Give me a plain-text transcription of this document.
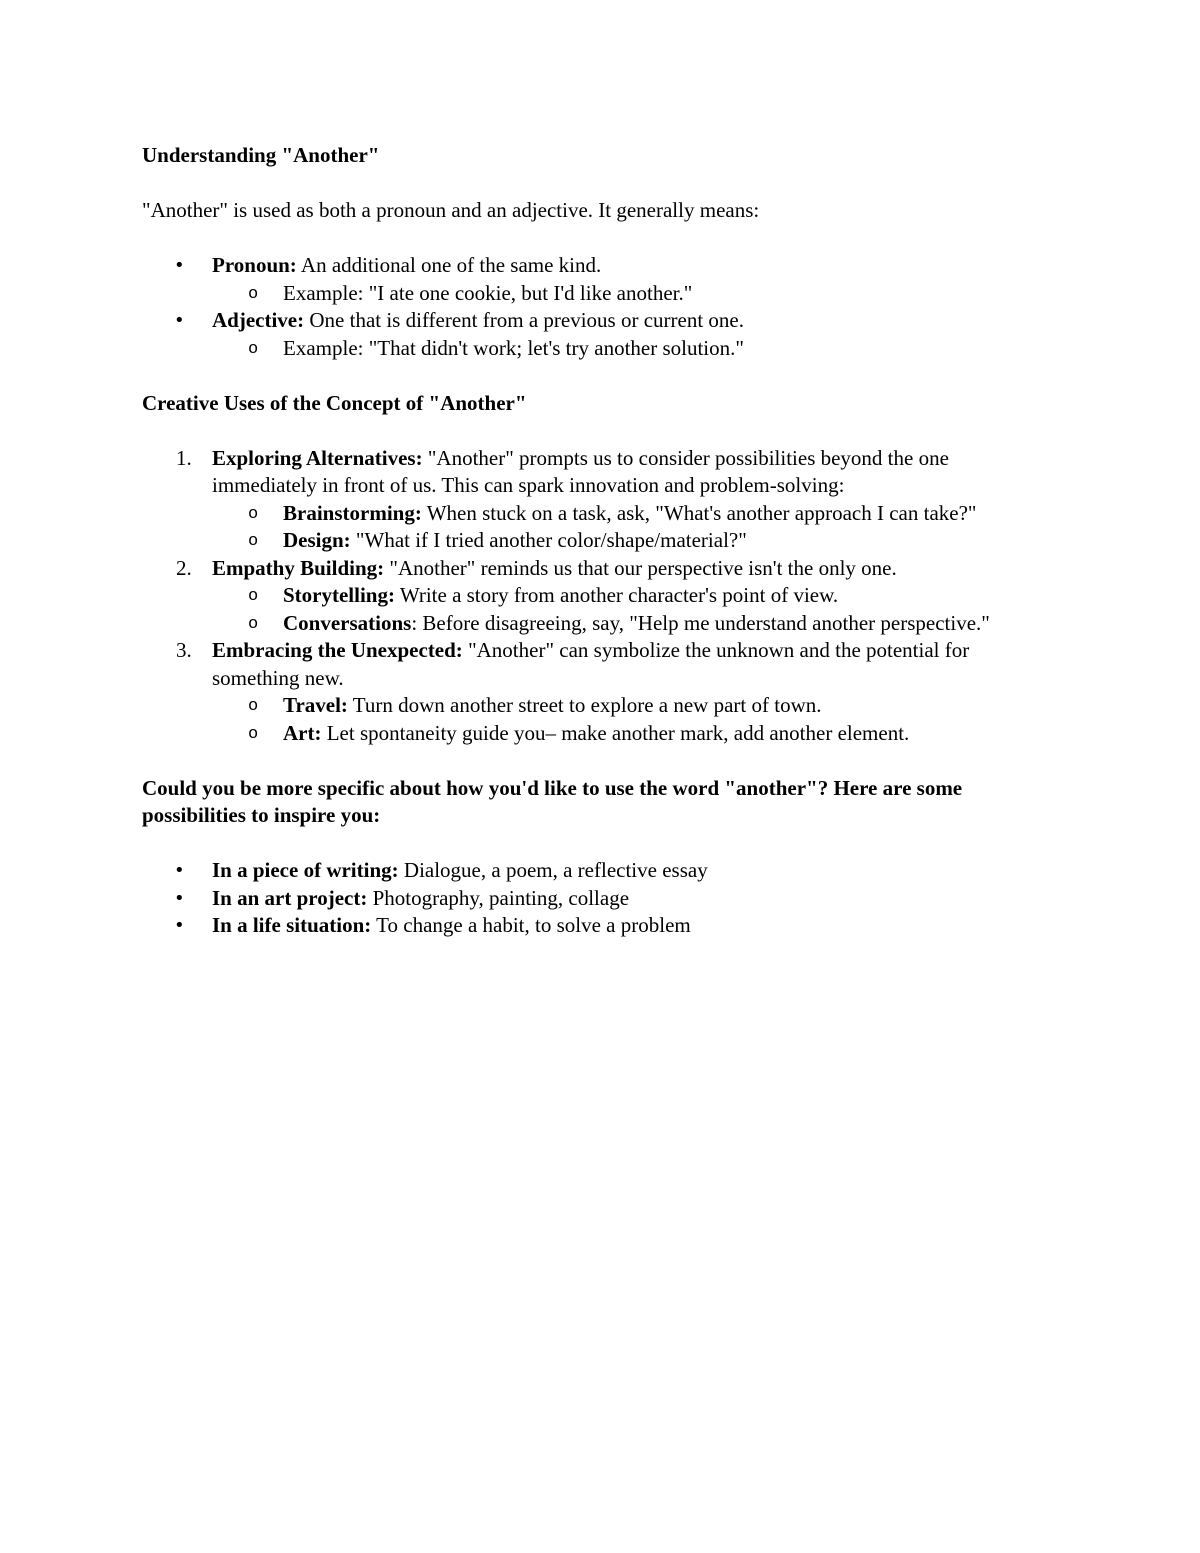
Understanding "Another"

"Another" is used as both a pronoun and an adjective. It generally means:

•	Pronoun: An additional one of the same kind.
o	Example: "I ate one cookie, but I'd like another."
•	Adjective: One that is different from a previous or current one.
o	Example: "That didn't work; let's try another solution."

Creative Uses of the Concept of "Another"

1. Exploring Alternatives: "Another" prompts us to consider possibilities beyond the one immediately in front of us. This can spark innovation and problem-solving:
o	Brainstorming: When stuck on a task, ask, "What's another approach I can take?"
o	Design: "What if I tried another color/shape/material?"
2. Empathy Building: "Another" reminds us that our perspective isn't the only one.
o	Storytelling: Write a story from another character's point of view.
o	Conversations: Before disagreeing, say, "Help me understand another perspective."
3. Embracing the Unexpected: "Another" can symbolize the unknown and the potential for something new.
o	Travel: Turn down another street to explore a new part of town.
o	Art: Let spontaneity guide you– make another mark, add another element.

Could you be more specific about how you'd like to use the word "another"? Here are some possibilities to inspire you:

•	In a piece of writing: Dialogue, a poem, a reflective essay
•	In an art project: Photography, painting, collage
•	In a life situation: To change a habit, to solve a problem
